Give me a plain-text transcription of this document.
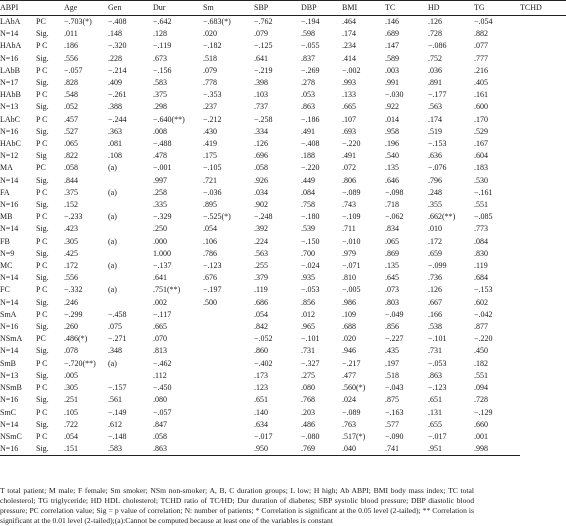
ABPI		Age	Gen	Dur	Sm	SBP	DBP	BMI	TC	HD	TG	TCHD
LAbA	PC	−.703(*)	−.408	−.642	−.683(*)	−.762	−.194	.464	.146	.126	−.054	
N=14	Sig.	.011	.148	.128	.020	.079	.598	.174	.689	.728	.882	
HAbA	P C	.186	−.320	−.119	−.182	−.125	−.055	.234	.147	−.086	.077	
N=16	Sig.	.556	.228	.673	.518	.641	.837	.414	.589	.752	.777	
LAbB	P C	−.057	−.214	−.156	.079	−.219	−.269	−.002	.003	.036	.216	
N=17	Sig.	.828	.409	.583	.778	.398	.278	.993	.991	.891	.405	
HAbB	P C	.548	−.261	.375	−.353	.103	.053	.133	−.030	−.177	.161	
N=13	Sig.	.052	.388	.298	.237	.737	.863	.665	.922	.563	.600	
LAbC	P C	.457	−.244	−.640(**)	−.212	−.258	−.186	.107	.014	.174	.170	
N=16	Sig.	.527	.363	.008	.430	.334	.491	.693	.958	.519	.529	
HAbC	P C	.065	.081	−.488	.419	.126	−.408	−.220	.196	−.153	.167	
N=12	Sig	.822	.108	.478	.175	.696	.188	.491	.540	.636	.604	
MA	PC	.058	(a)	−.001	−.105	.058	−.220	.072	.135	−.076	.183	
N=14	Sig.	.844		.997	.721	.926	.449	.806	.646	.796	.530	
FA	P C	.375	(a)	.258	−.036	.034	.084	−.089	−.098	.248	−.161	
N=16	Sig.	.152		.335	.895	.902	.758	.743	.718	.355	.551	
MB	P C	−.233	(a)	−.329	−.525(*)	−.248	−.180	−.109	−.062	.662(**)	−.085	
N=14	Sig.	.423		.250	.054	.392	.539	.711	.834	.010	.773	
FB	P C	.305	(a)	.000	.106	.224	−.150	−.010	.065	.172	.084	
N=9	Sig.	.425		1.000	.786	.563	.700	.979	.869	.659	.830	
MC	P C	.172	(a)	−.137	−.123	.255	−.024	−.071	.135	−.099	.119	
N=14	Sig.	.556		.641	.676	.379	.935	.810	.645	.736	.684	
FC	P C	−.332	(a)	.751(**)	−.197	.119	−.053	−.005	.073	.126	−.153	
N=14	Sig.	.246		.002	.500	.686	.856	.986	.803	.667	.602	
SmA	P C	−.299	−.458	−.117		.054	.012	.109	−.049	.166	−.042	
N=16	Sig.	.260	.075	.665		.842	.965	.688	.856	.538	.877	
NSmA	PC	.486(*)	−.271	.070		−.052	−.101	.020	−.227	−.101	−.220	
N=14	Sig.	.078	.348	.813		.860	.731	.946	.435	.731	.450	
SmB	P C	−.720(**)	(a)	−.462		−.402	−.327	−.217	.197	−.053	.182	
N=13	Sig.	.005		.112		.173	.275	.477	.518	.863	.551	
NSmB	P C	.305	−.157	−.450		.123	.080	.560(*)	−.043	−.123	.094	
N=16	Sig.	.251	.561	.080		.651	.768	.024	.875	.651	.728	
SmC	P C	.105	−.149	−.057		.140	.203	−.089	−.163	.131	−.129	
N=14	Sig.	.722	.612	.847		.634	.486	.763	.577	.655	.660	
NSmC	P C	.054	−.148	.058		−.017	−.080	.517(*)	−.090	−.017	.001	
N=16	Sig.	.151	.583	.863		.950	.769	.040	.741	.951	.998	
T total patient; M male; F female; Sm smoker; NSm non-smoker; A, B, C duration groups; L low; H high; Ab ABPI; BMI body mass index; TC total cholesterol; TG triglyceride; HD HDL cholesterol; TCHD ratio of TC/HD; Dur duration of diabetes; SBP systolic blood pressure; DBP diastolic blood pressure; PC correlation value; Sig = p value of correlation; N: number of patients; * Correlation is significant at the 0.05 level (2-tailed); ** Correlation is significant at the 0.01 level (2-tailed);(a):Cannot be computed because at least one of the variables is constant
